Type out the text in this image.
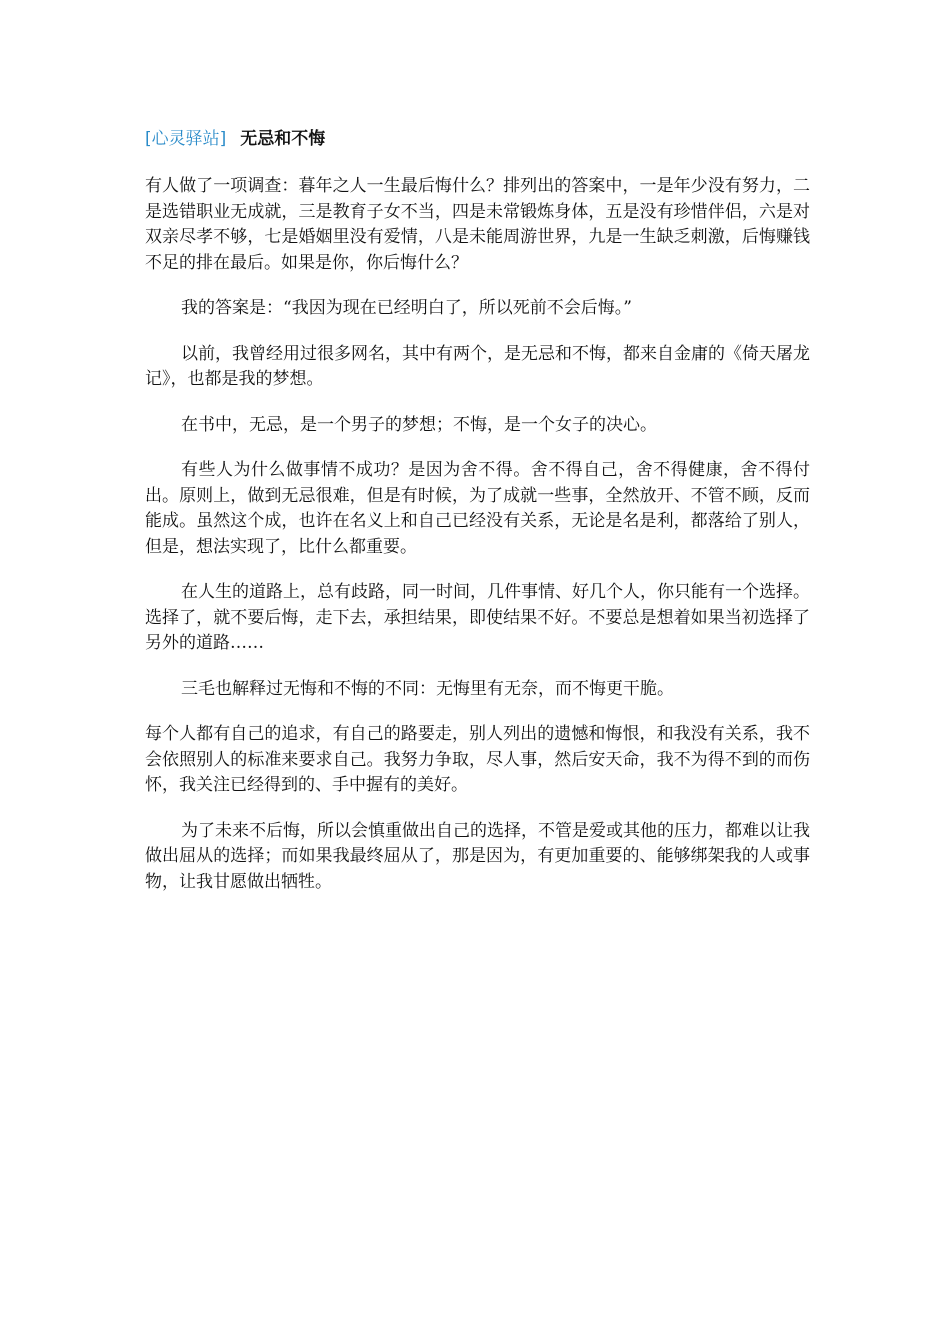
[心灵驿站] 无忌和不悔

有人做了一项调查：暮年之人一生最后悔什么？排列出的答案中，一是年少没有努力，二是选错职业无成就，三是教育子女不当，四是未常锻炼身体，五是没有珍惜伴侣，六是对双亲尽孝不够，七是婚姻里没有爱情，八是未能周游世界，九是一生缺乏刺激，后悔赚钱不足的排在最后。如果是你，你后悔什么？

我的答案是：“我因为现在已经明白了，所以死前不会后悔。”

以前，我曾经用过很多网名，其中有两个，是无忌和不悔，都来自金庸的《倚天屠龙记》，也都是我的梦想。

在书中，无忌，是一个男子的梦想；不悔，是一个女子的决心。

有些人为什么做事情不成功？是因为舍不得。舍不得自己，舍不得健康，舍不得付出。原则上，做到无忌很难，但是有时候，为了成就一些事，全然放开、不管不顾，反而能成。虽然这个成，也许在名义上和自己已经没有关系，无论是名是利，都落给了别人，但是，想法实现了，比什么都重要。

在人生的道路上，总有歧路，同一时间，几件事情、好几个人，你只能有一个选择。选择了，就不要后悔，走下去，承担结果，即使结果不好。不要总是想着如果当初选择了另外的道路……

三毛也解释过无悔和不悔的不同：无悔里有无奈，而不悔更干脆。

每个人都有自己的追求，有自己的路要走，别人列出的遗憾和悔恨，和我没有关系，我不会依照别人的标准来要求自己。我努力争取，尽人事，然后安天命，我不为得不到的而伤怀，我关注已经得到的、手中握有的美好。

为了未来不后悔，所以会慎重做出自己的选择，不管是爱或其他的压力，都难以让我做出屈从的选择；而如果我最终屈从了，那是因为，有更加重要的、能够绑架我的人或事物，让我甘愿做出牺牲。
